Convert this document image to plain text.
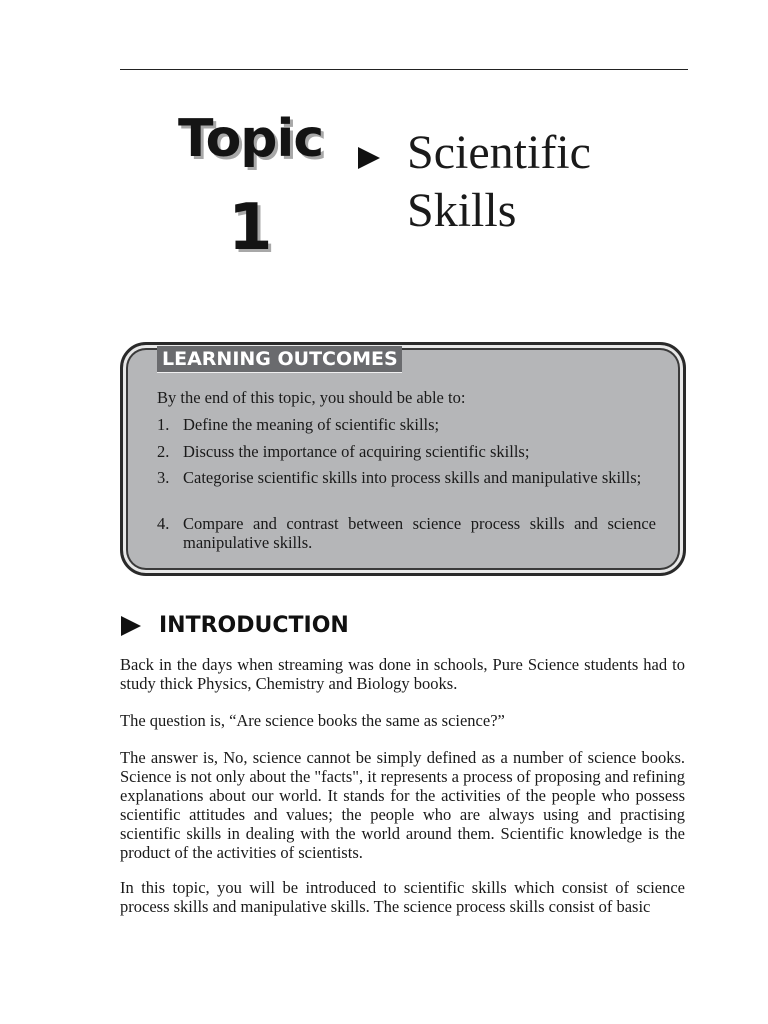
Topic
1
Scientific
Skills
LEARNING OUTCOMES
By the end of this topic, you should be able to:
1. Define the meaning of scientific skills;
2. Discuss the importance of acquiring scientific skills;
3. Categorise scientific skills into process skills and manipulative skills;
4. Compare and contrast between science process skills and science manipulative skills.
INTRODUCTION
Back in the days when streaming was done in schools, Pure Science students had to study thick Physics, Chemistry and Biology books.
The question is, “Are science books the same as science?”
The answer is, No, science cannot be simply defined as a number of science books. Science is not only about the "facts", it represents a process of proposing and refining explanations about our world. It stands for the activities of the people who possess scientific attitudes and values; the people who are always using and practising scientific skills in dealing with the world around them. Scientific knowledge is the product of the activities of scientists.
In this topic, you will be introduced to scientific skills which consist of science process skills and manipulative skills. The science process skills consist of basic
